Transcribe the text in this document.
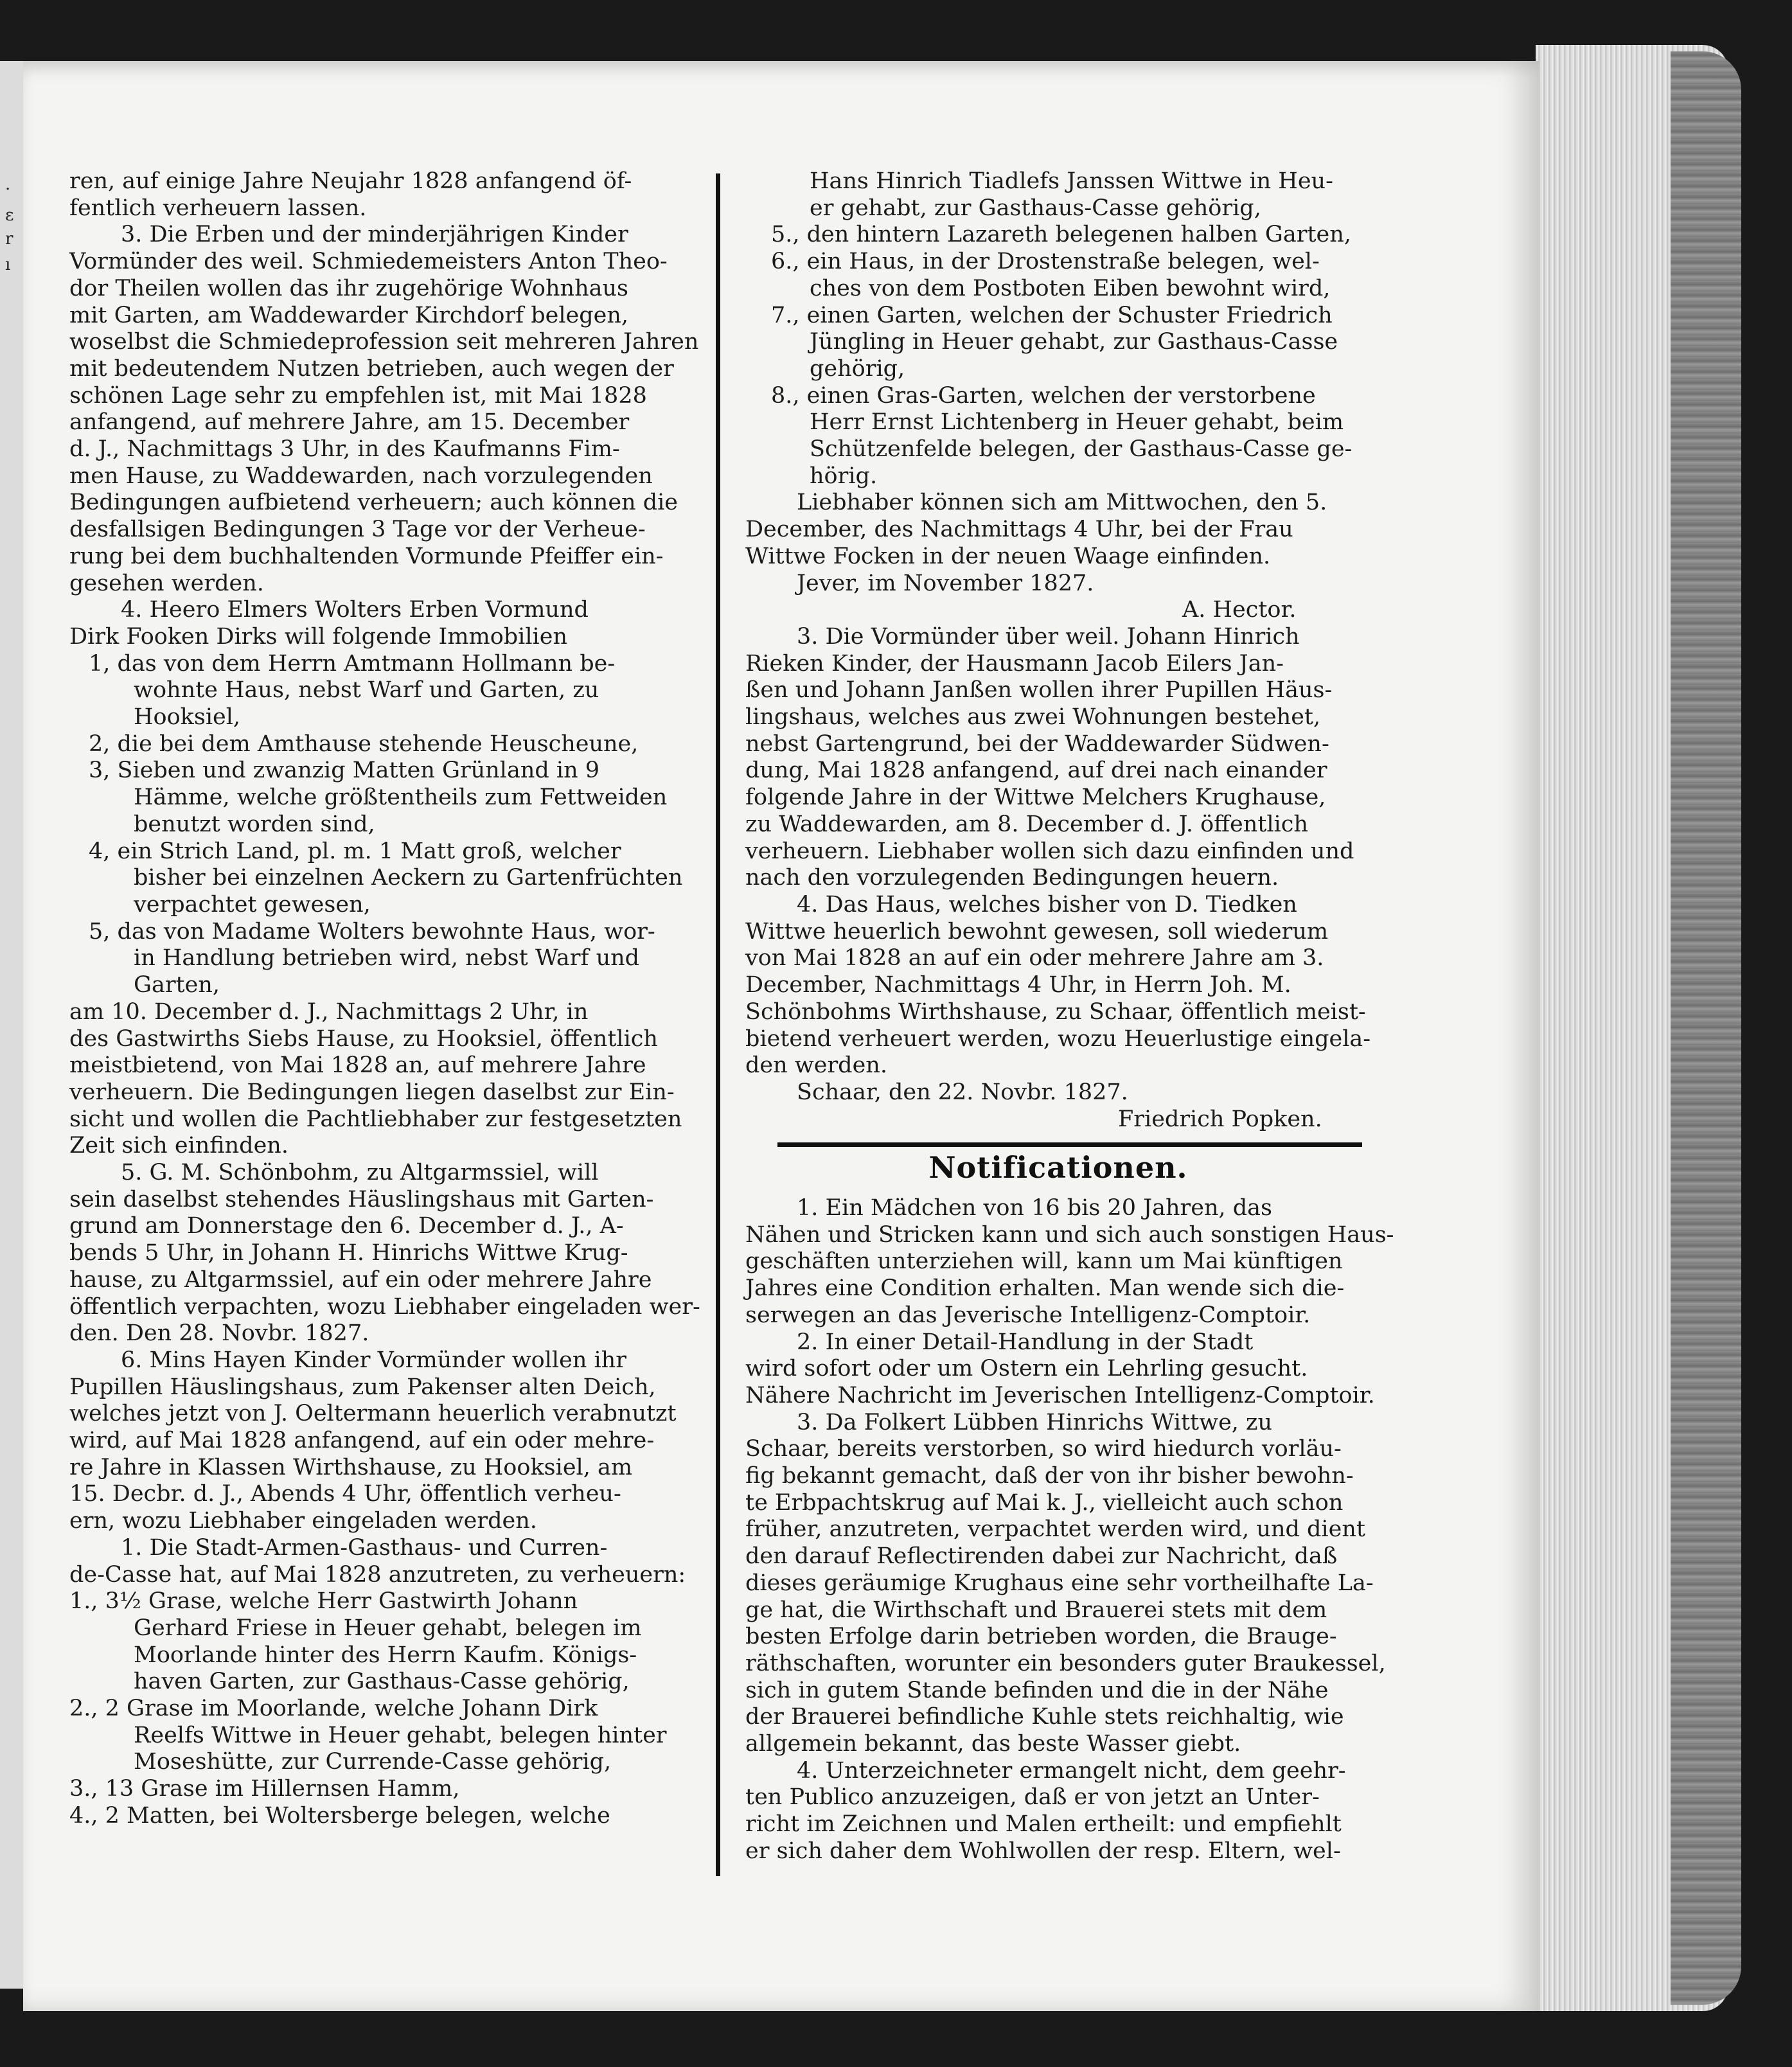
·
ε
r
ı
ren, auf einige Jahre Neujahr 1828 anfangend öf-
fentlich verheuern lassen.
3. Die Erben und der minderjährigen Kinder
Vormünder des weil. Schmiedemeisters Anton Theo-
dor Theilen wollen das ihr zugehörige Wohnhaus
mit Garten, am Waddewarder Kirchdorf belegen,
woselbst die Schmiedeprofession seit mehreren Jahren
mit bedeutendem Nutzen betrieben, auch wegen der
schönen Lage sehr zu empfehlen ist, mit Mai 1828
anfangend, auf mehrere Jahre, am 15. December
d. J., Nachmittags 3 Uhr, in des Kaufmanns Fim-
men Hause, zu Waddewarden, nach vorzulegenden
Bedingungen aufbietend verheuern; auch können die
desfallsigen Bedingungen 3 Tage vor der Verheue-
rung bei dem buchhaltenden Vormunde Pfeiffer ein-
gesehen werden.
4. Heero Elmers Wolters Erben Vormund
Dirk Fooken Dirks will folgende Immobilien
1, das von dem Herrn Amtmann Hollmann be-
wohnte Haus, nebst Warf und Garten, zu
Hooksiel,
2, die bei dem Amthause stehende Heuscheune,
3, Sieben und zwanzig Matten Grünland in 9
Hämme, welche größtentheils zum Fettweiden
benutzt worden sind,
4, ein Strich Land, pl. m. 1 Matt groß, welcher
bisher bei einzelnen Aeckern zu Gartenfrüchten
verpachtet gewesen,
5, das von Madame Wolters bewohnte Haus, wor-
in Handlung betrieben wird, nebst Warf und
Garten,
am 10. December d. J., Nachmittags 2 Uhr, in
des Gastwirths Siebs Hause, zu Hooksiel, öffentlich
meistbietend, von Mai 1828 an, auf mehrere Jahre
verheuern. Die Bedingungen liegen daselbst zur Ein-
sicht und wollen die Pachtliebhaber zur festgesetzten
Zeit sich einfinden.
5. G. M. Schönbohm, zu Altgarmssiel, will
sein daselbst stehendes Häuslingshaus mit Garten-
grund am Donnerstage den 6. December d. J., A-
bends 5 Uhr, in Johann H. Hinrichs Wittwe Krug-
hause, zu Altgarmssiel, auf ein oder mehrere Jahre
öffentlich verpachten, wozu Liebhaber eingeladen wer-
den. Den 28. Novbr. 1827.
6. Mins Hayen Kinder Vormünder wollen ihr
Pupillen Häuslingshaus, zum Pakenser alten Deich,
welches jetzt von J. Oeltermann heuerlich verabnutzt
wird, auf Mai 1828 anfangend, auf ein oder mehre-
re Jahre in Klassen Wirthshause, zu Hooksiel, am
15. Decbr. d. J., Abends 4 Uhr, öffentlich verheu-
ern, wozu Liebhaber eingeladen werden.
1. Die Stadt-Armen-Gasthaus- und Curren-
de-Casse hat, auf Mai 1828 anzutreten, zu verheuern:
1., 3½ Grase, welche Herr Gastwirth Johann
Gerhard Friese in Heuer gehabt, belegen im
Moorlande hinter des Herrn Kaufm. Königs-
haven Garten, zur Gasthaus-Casse gehörig,
2., 2 Grase im Moorlande, welche Johann Dirk
Reelfs Wittwe in Heuer gehabt, belegen hinter
Moseshütte, zur Currende-Casse gehörig,
3., 13 Grase im Hillernsen Hamm,
4., 2 Matten, bei Woltersberge belegen, welche
Hans Hinrich Tiadlefs Janssen Wittwe in Heu-
er gehabt, zur Gasthaus-Casse gehörig,
5., den hintern Lazareth belegenen halben Garten,
6., ein Haus, in der Drostenstraße belegen, wel-
ches von dem Postboten Eiben bewohnt wird,
7., einen Garten, welchen der Schuster Friedrich
Jüngling in Heuer gehabt, zur Gasthaus-Casse
gehörig,
8., einen Gras-Garten, welchen der verstorbene
Herr Ernst Lichtenberg in Heuer gehabt, beim
Schützenfelde belegen, der Gasthaus-Casse ge-
hörig.
Liebhaber können sich am Mittwochen, den 5.
December, des Nachmittags 4 Uhr, bei der Frau
Wittwe Focken in der neuen Waage einfinden.
Jever, im November 1827.
A. Hector.
3. Die Vormünder über weil. Johann Hinrich
Rieken Kinder, der Hausmann Jacob Eilers Jan-
ßen und Johann Janßen wollen ihrer Pupillen Häus-
lingshaus, welches aus zwei Wohnungen bestehet,
nebst Gartengrund, bei der Waddewarder Südwen-
dung, Mai 1828 anfangend, auf drei nach einander
folgende Jahre in der Wittwe Melchers Krughause,
zu Waddewarden, am 8. December d. J. öffentlich
verheuern. Liebhaber wollen sich dazu einfinden und
nach den vorzulegenden Bedingungen heuern.
4. Das Haus, welches bisher von D. Tiedken
Wittwe heuerlich bewohnt gewesen, soll wiederum
von Mai 1828 an auf ein oder mehrere Jahre am 3.
December, Nachmittags 4 Uhr, in Herrn Joh. M.
Schönbohms Wirthshause, zu Schaar, öffentlich meist-
bietend verheuert werden, wozu Heuerlustige eingela-
den werden.
Schaar, den 22. Novbr. 1827.
Friedrich Popken.
Notificationen.
1. Ein Mädchen von 16 bis 20 Jahren, das
Nähen und Stricken kann und sich auch sonstigen Haus-
geschäften unterziehen will, kann um Mai künftigen
Jahres eine Condition erhalten. Man wende sich die-
serwegen an das Jeverische Intelligenz-Comptoir.
2. In einer Detail-Handlung in der Stadt
wird sofort oder um Ostern ein Lehrling gesucht.
Nähere Nachricht im Jeverischen Intelligenz-Comptoir.
3. Da Folkert Lübben Hinrichs Wittwe, zu
Schaar, bereits verstorben, so wird hiedurch vorläu-
fig bekannt gemacht, daß der von ihr bisher bewohn-
te Erbpachtskrug auf Mai k. J., vielleicht auch schon
früher, anzutreten, verpachtet werden wird, und dient
den darauf Reflectirenden dabei zur Nachricht, daß
dieses geräumige Krughaus eine sehr vortheilhafte La-
ge hat, die Wirthschaft und Brauerei stets mit dem
besten Erfolge darin betrieben worden, die Brauge-
räthschaften, worunter ein besonders guter Braukessel,
sich in gutem Stande befinden und die in der Nähe
der Brauerei befindliche Kuhle stets reichhaltig, wie
allgemein bekannt, das beste Wasser giebt.
4. Unterzeichneter ermangelt nicht, dem geehr-
ten Publico anzuzeigen, daß er von jetzt an Unter-
richt im Zeichnen und Malen ertheilt: und empfiehlt
er sich daher dem Wohlwollen der resp. Eltern, wel-
